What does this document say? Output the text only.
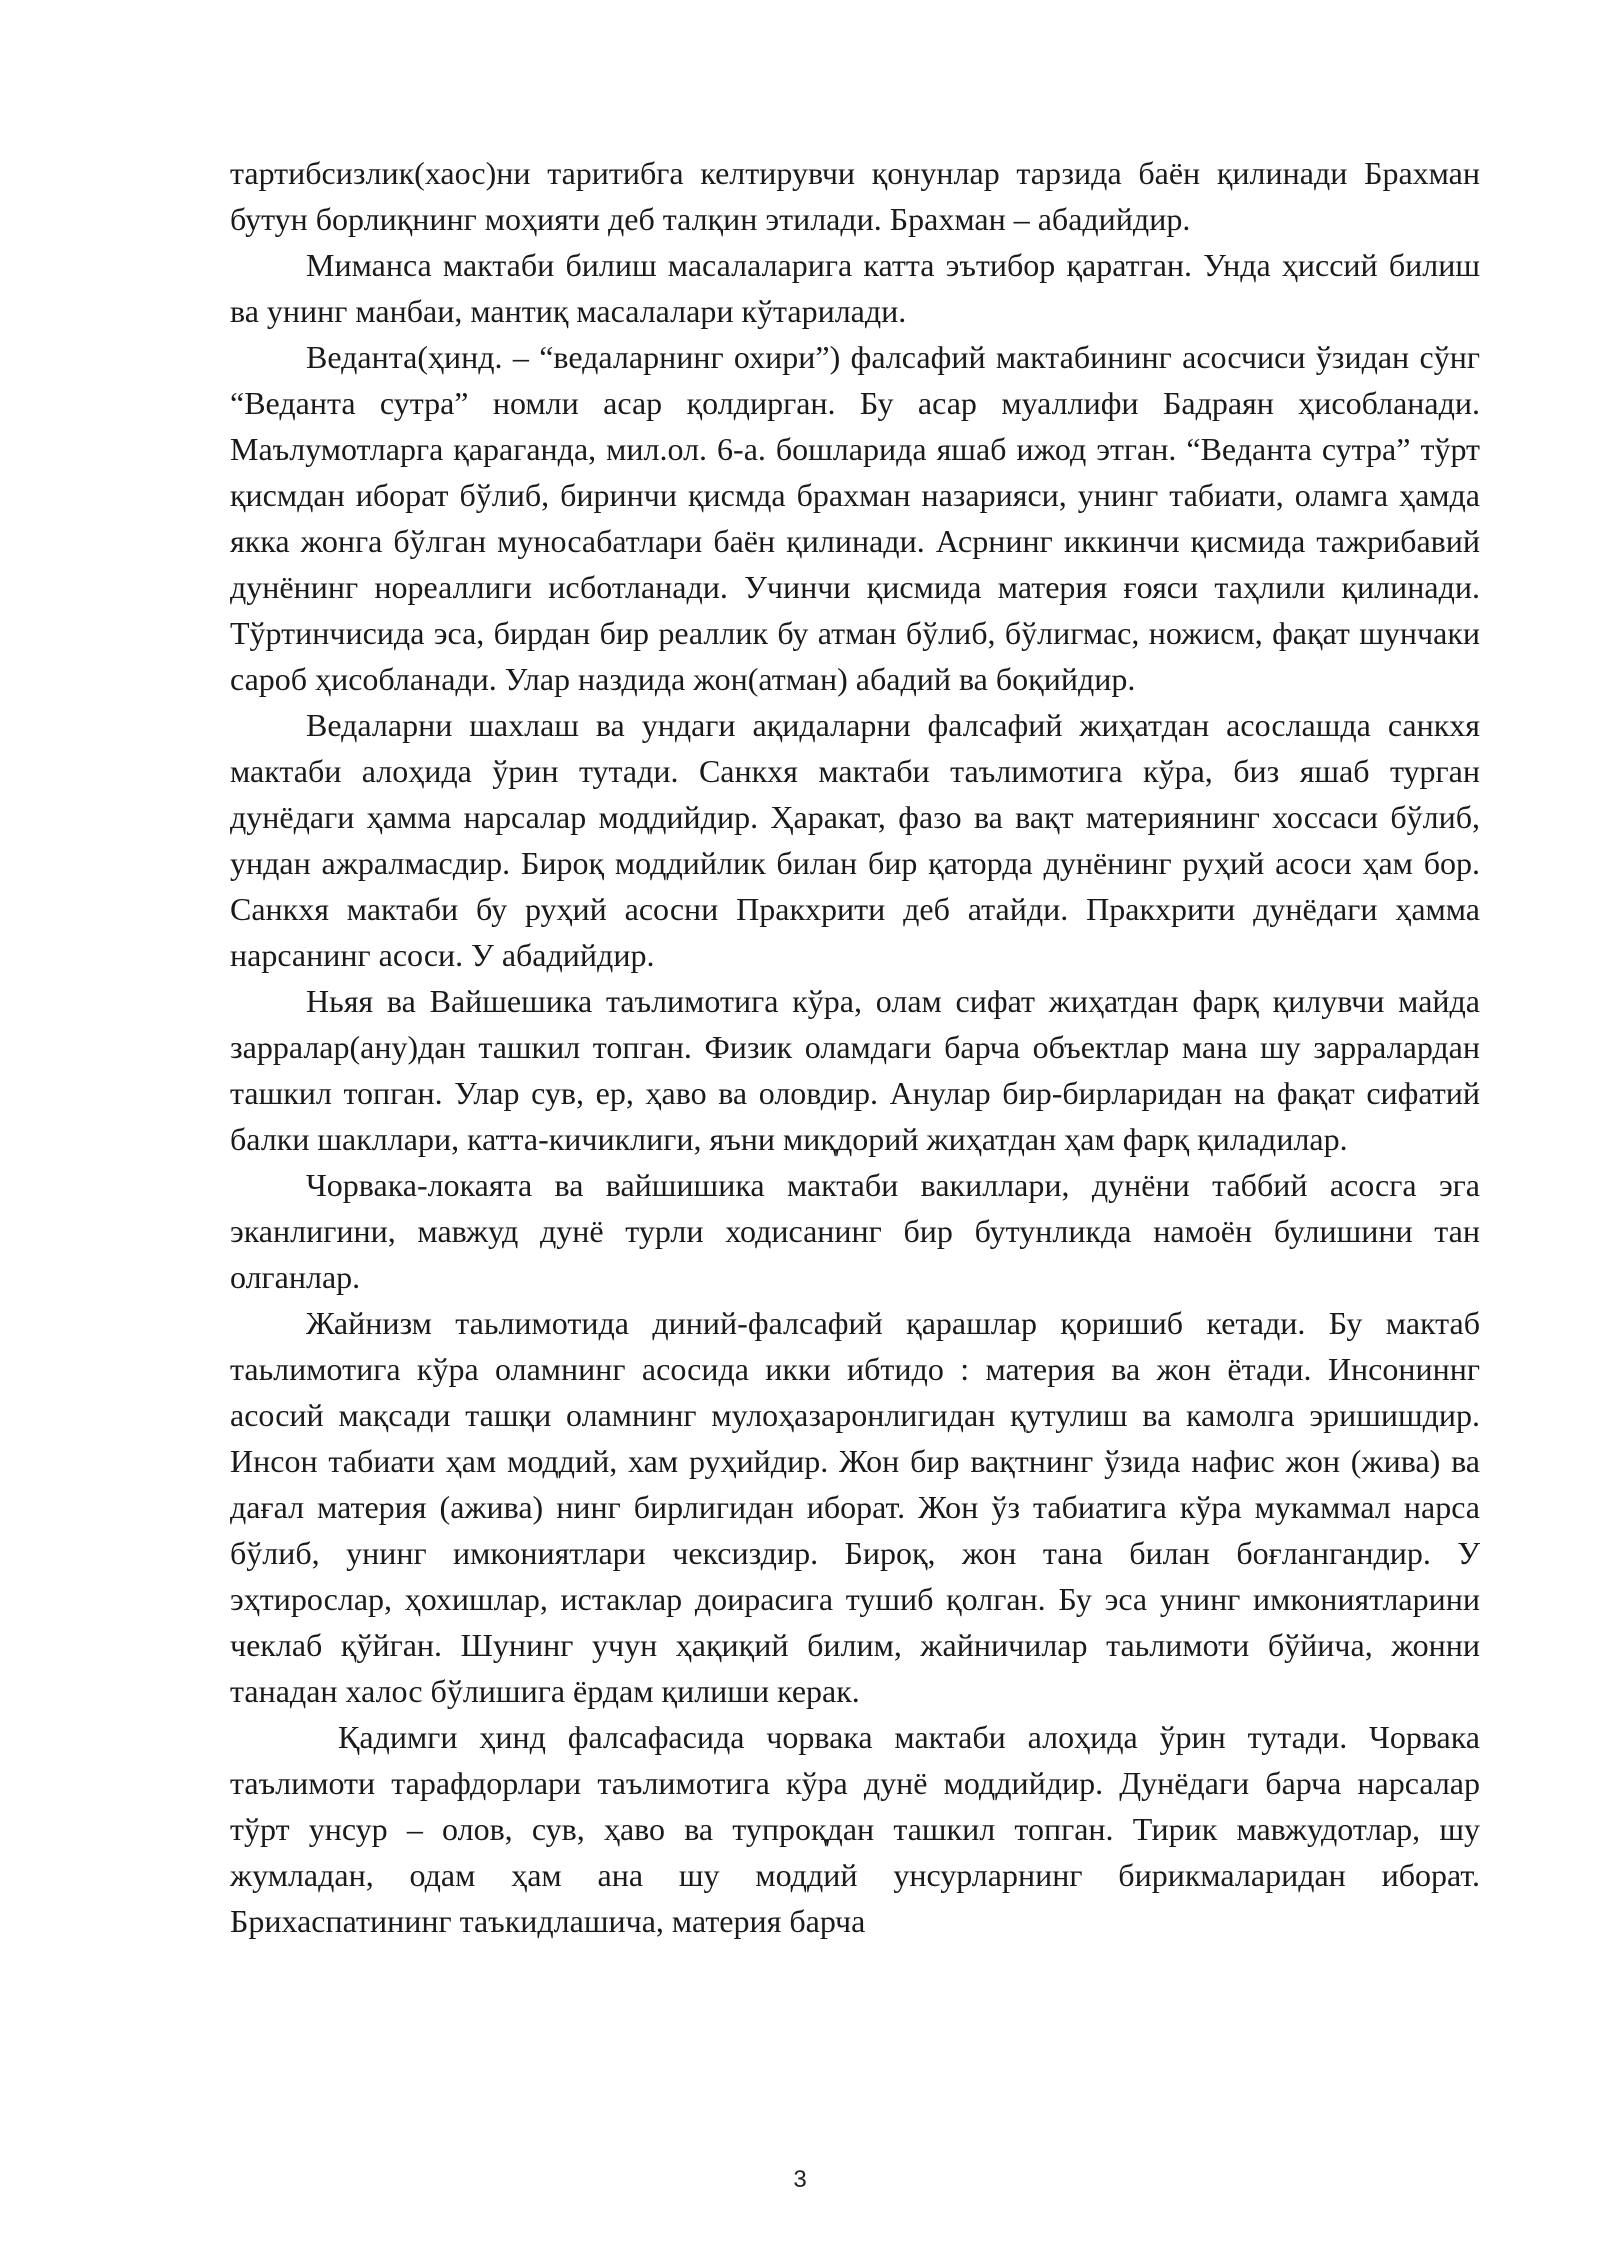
тартибсизлик(хаос)ни таритибга келтирувчи қонунлар тарзида баён қилинади Брахман бутун борлиқнинг моҳияти деб талқин этилади. Брахман – абадийдир.

Миманса мактаби билиш масалаларига катта эътибор қаратган. Унда ҳиссий билиш ва унинг манбаи, мантиқ масалалари кўтарилади.

Веданта(ҳинд. – “ведаларнинг охири”) фалсафий мактабининг асосчиси ўзидан сўнг “Веданта сутра” номли асар қолдирган. Бу асар муаллифи Бадраян ҳисобланади. Маълумотларга қараганда, мил.ол. 6-а. бошларида яшаб ижод этган. “Веданта сутра” тўрт қисмдан иборат бўлиб, биринчи қисмда брахман назарияси, унинг табиати, оламга ҳамда якка жонга бўлган муносабатлари баён қилинади. Асрнинг иккинчи қисмида тажрибавий дунёнинг нореаллиги исботланади. Учинчи қисмида материя ғояси таҳлили қилинади. Тўртинчисида эса, бирдан бир реаллик бу атман бўлиб, бўлигмас, ножисм, фақат шунчаки сароб ҳисобланади. Улар наздида жон(атман) абадий ва боқийдир.

Ведаларни шахлаш ва ундаги ақидаларни фалсафий жиҳатдан асослашда санкхя мактаби алоҳида ўрин тутади. Санкхя мактаби таълимотига кўра, биз яшаб турган дунёдаги ҳамма нарсалар моддийдир. Ҳаракат, фазо ва вақт материянинг хоссаси бўлиб, ундан ажралмасдир. Бироқ моддийлик билан бир қаторда дунёнинг руҳий асоси ҳам бор. Санкхя мактаби бу руҳий асосни Пракхрити деб атайди. Пракхрити дунёдаги ҳамма нарсанинг асоси. У абадийдир.

Ньяя ва Вайшешика таълимотига кўра, олам сифат жиҳатдан фарқ қилувчи майда зарралар(ану)дан ташкил топган. Физик оламдаги барча объектлар мана шу зарралардан ташкил топган. Улар сув, ер, ҳаво ва оловдир. Анулар бир-бирларидан на фақат сифатий балки шакллари, катта-кичиклиги, яъни миқдорий жиҳатдан ҳам фарқ қиладилар.

Чорвака-локаята ва вайшишика мактаби вакиллари, дунёни таббий асосга эга эканлигини, мавжуд дунё турли ходисанинг бир бутунликда намоён булишини тан олганлар.

Жайнизм таьлимотида диний-фалсафий қарашлар қоришиб кетади. Бу мактаб таьлимотига кўра оламнинг асосида икки ибтидо : материя ва жон ётади. Инсониннг асосий мақсади ташқи оламнинг мулоҳазаронлигидан қутулиш ва камолга эришишдир. Инсон табиати ҳам моддий, хам руҳийдир. Жон бир вақтнинг ўзида нафис жон (жива) ва дағал материя (ажива) нинг бирлигидан иборат. Жон ўз табиатига кўра мукаммал нарса бўлиб, унинг имкониятлари чексиздир. Бироқ, жон тана билан боғлангандир. У эҳтирослар, ҳохишлар, истаклар доирасига тушиб қолган. Бу эса унинг имкониятларини чеклаб қўйган. Шунинг учун ҳақиқий билим, жайничилар таьлимоти бўйича, жонни танадан халос бўлишига ёрдам қилиши керак.

Қадимги ҳинд фалсафасида чорвака мактаби алоҳида ўрин тутади. Чорвака таълимоти тарафдорлари таълимотига кўра дунё моддийдир. Дунёдаги барча нарсалар тўрт унсур – олов, сув, ҳаво ва тупроқдан ташкил топган. Тирик мавжудотлар, шу жумладан, одам ҳам ана шу моддий унсурларнинг бирикмаларидан иборат. Брихаспатининг таъкидлашича, материя барча

3
